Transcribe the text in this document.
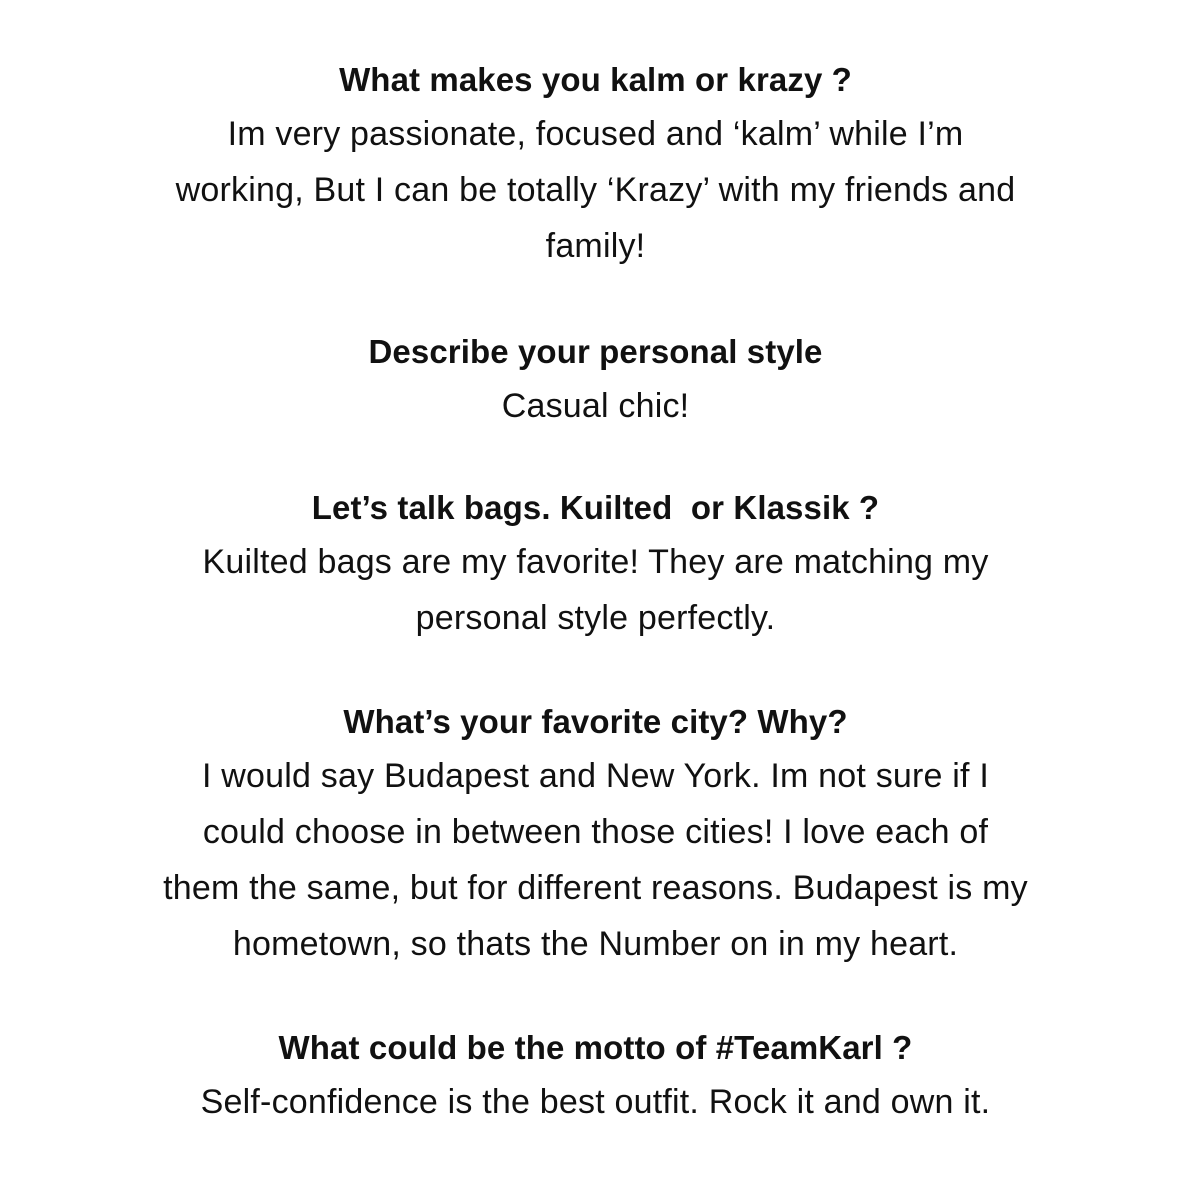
What makes you kalm or krazy ?

Im very passionate, focused and ‘kalm’ while I’m
working, But I can be totally ‘Krazy’ with my friends and
family!

Describe your personal style

Casual chic!

Let’s talk bags. Kuilted  or Klassik ?

Kuilted bags are my favorite! They are matching my
personal style perfectly.

What’s your favorite city? Why?

I would say Budapest and New York. Im not sure if I
could choose in between those cities! I love each of
them the same, but for different reasons. Budapest is my
hometown, so thats the Number on in my heart.

What could be the motto of #TeamKarl ?

Self-confidence is the best outfit. Rock it and own it.
